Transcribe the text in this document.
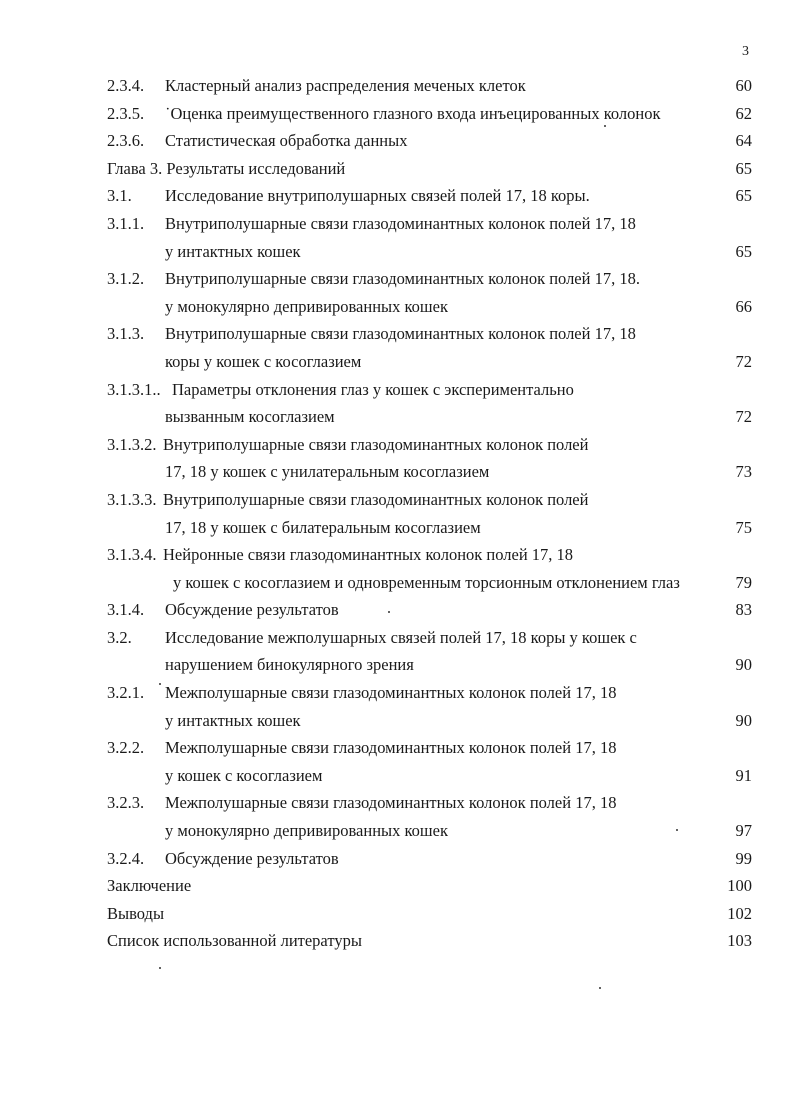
3
2.3.4. Кластерный анализ распределения меченых клеток	60
2.3.5. ˙Оценка преимущественного глазного входа инъецированных колонок	62
2.3.6. Статистическая обработка данных	64
Глава 3. Результаты исследований	65
3.1. Исследование внутриполушарных связей полей 17, 18 коры.	65
3.1.1. Внутриполушарные связи глазодоминантных колонок полей 17, 18
у интактных кошек	65
3.1.2. Внутриполушарные связи глазодоминантных колонок полей 17, 18.
у монокулярно депривированных кошек	66
3.1.3. Внутриполушарные связи глазодоминантных колонок полей 17, 18
коры у кошек с косоглазием	72
3.1.3.1.. Параметры отклонения глаз у кошек с экспериментально
вызванным косоглазием	72
3.1.3.2. Внутриполушарные связи глазодоминантных колонок полей
17, 18 у кошек с унилатеральным косоглазием	73
3.1.3.3. Внутриполушарные связи глазодоминантных колонок полей
17, 18 у кошек с билатеральным косоглазием	75
3.1.3.4. Нейронные связи глазодоминантных колонок полей 17, 18
у кошек с косоглазием и одновременным торсионным отклонением глаз	79
3.1.4. Обсуждение результатов	83
3.2. Исследование межполушарных связей полей 17, 18 коры у кошек с
нарушением бинокулярного зрения	90
3.2.1. Межполушарные связи глазодоминантных колонок полей 17, 18
у интактных кошек	90
3.2.2. Межполушарные связи глазодоминантных колонок полей 17, 18
у кошек с косоглазием	91
3.2.3. Межполушарные связи глазодоминантных колонок полей 17, 18
у монокулярно депривированных кошек	97
3.2.4. Обсуждение результатов	99
Заключение	100
Выводы	102
Список использованной литературы	103
